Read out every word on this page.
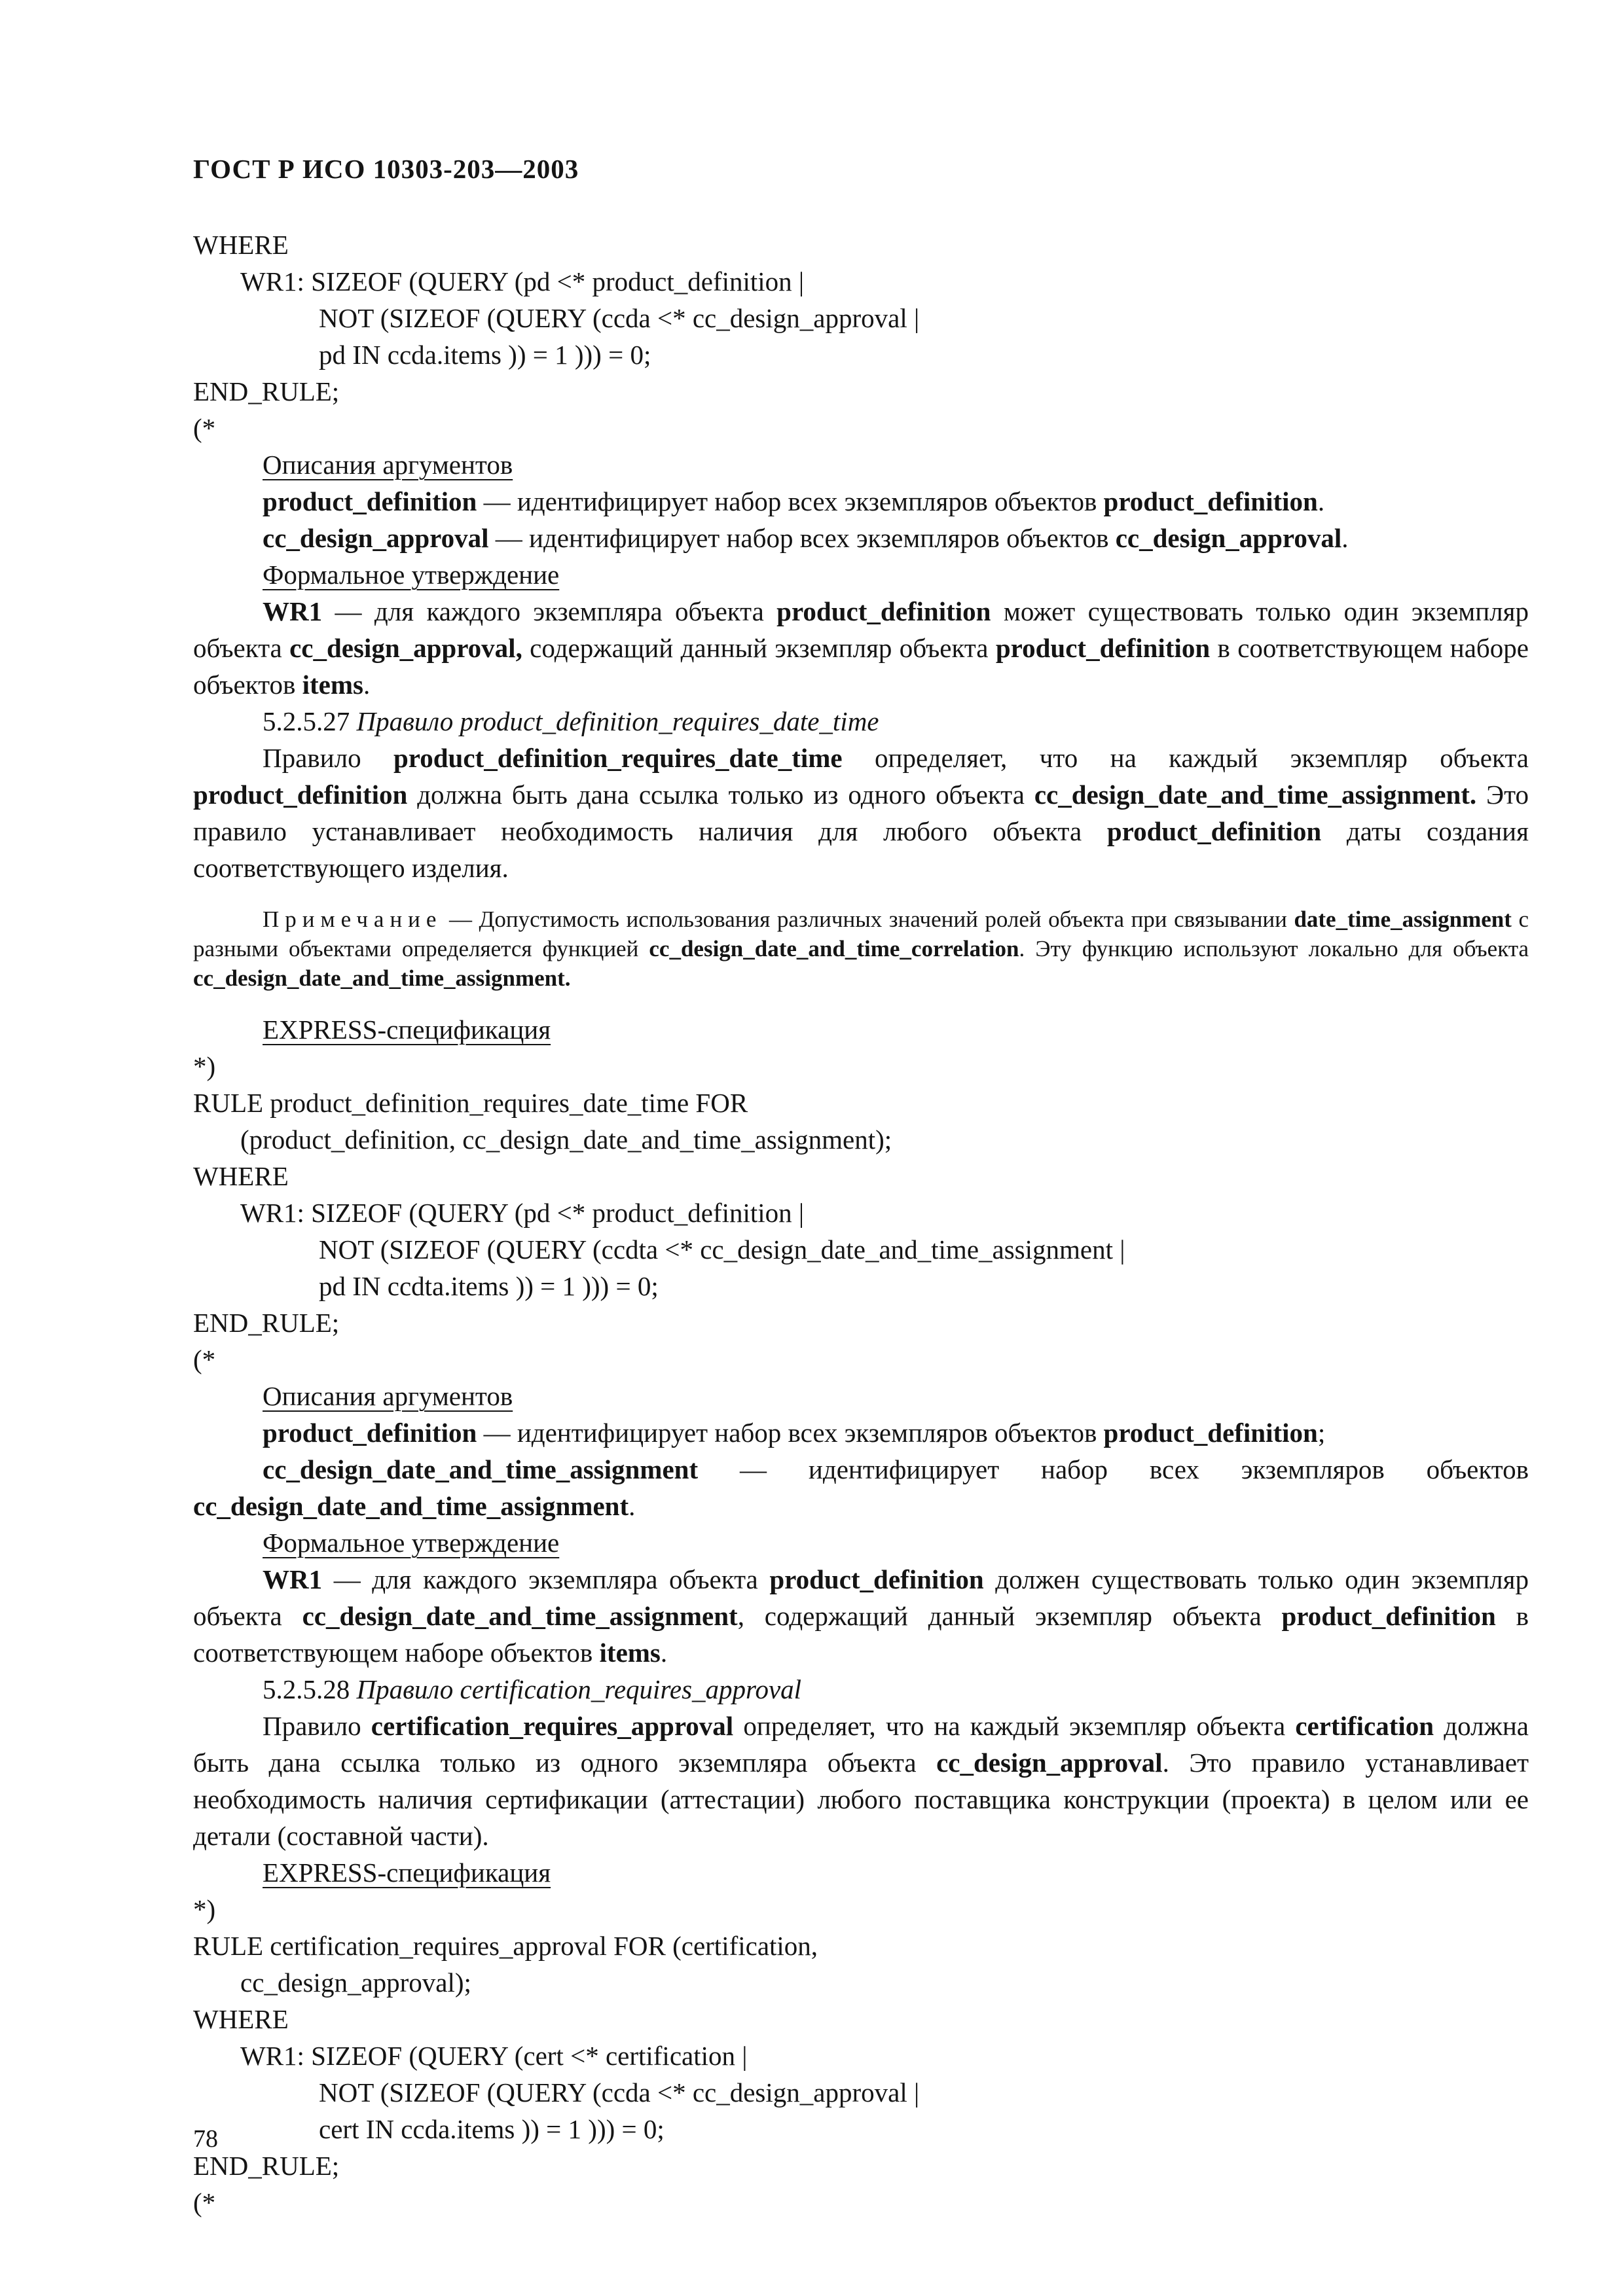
ГОСТ Р ИСО 10303-203—2003
WHERE
WR1: SIZEOF (QUERY (pd <* product_definition |
NOT (SIZEOF (QUERY (ccda <* cc_design_approval |
pd IN ccda.items )) = 1 ))) = 0;
END_RULE;
(*
Описания аргументов
product_definition — идентифицирует набор всех экземпляров объектов product_definition.
cc_design_approval — идентифицирует набор всех экземпляров объектов cc_design_approval.
Формальное утверждение
WR1 — для каждого экземпляра объекта product_definition может существовать только один экземпляр объекта cc_design_approval, содержащий данный экземпляр объекта product_definition в соответствующем наборе объектов items.
5.2.5.27 Правило product_definition_requires_date_time
Правило product_definition_requires_date_time определяет, что на каждый экземпляр объекта product_definition должна быть дана ссылка только из одного объекта cc_design_date_and_time_assignment. Это правило устанавливает необходимость наличия для любого объекта product_definition даты создания соответствующего изделия.
Примечание — Допустимость использования различных значений ролей объекта при связывании date_time_assignment с разными объектами определяется функцией cc_design_date_and_time_correlation. Эту функцию используют локально для объекта cc_design_date_and_time_assignment.
EXPRESS-спецификация
*)
RULE product_definition_requires_date_time FOR
(product_definition, cc_design_date_and_time_assignment);
WHERE
WR1: SIZEOF (QUERY (pd <* product_definition |
NOT (SIZEOF (QUERY (ccdta <* cc_design_date_and_time_assignment |
pd IN ccdta.items )) = 1 ))) = 0;
END_RULE;
(*
Описания аргументов
product_definition — идентифицирует набор всех экземпляров объектов product_definition;
cc_design_date_and_time_assignment — идентифицирует набор всех экземпляров объектов cc_design_date_and_time_assignment.
Формальное утверждение
WR1 — для каждого экземпляра объекта product_definition должен существовать только один экземпляр объекта cc_design_date_and_time_assignment, содержащий данный экземпляр объекта product_definition в соответствующем наборе объектов items.
5.2.5.28 Правило certification_requires_approval
Правило certification_requires_approval определяет, что на каждый экземпляр объекта certification должна быть дана ссылка только из одного экземпляра объекта cc_design_approval. Это правило устанавливает необходимость наличия сертификации (аттестации) любого поставщика конструкции (проекта) в целом или ее детали (составной части).
EXPRESS-спецификация
*)
RULE certification_requires_approval FOR (certification,
cc_design_approval);
WHERE
WR1: SIZEOF (QUERY (cert <* certification |
NOT (SIZEOF (QUERY (ccda <* cc_design_approval |
cert IN ccda.items )) = 1 ))) = 0;
END_RULE;
(*
78
